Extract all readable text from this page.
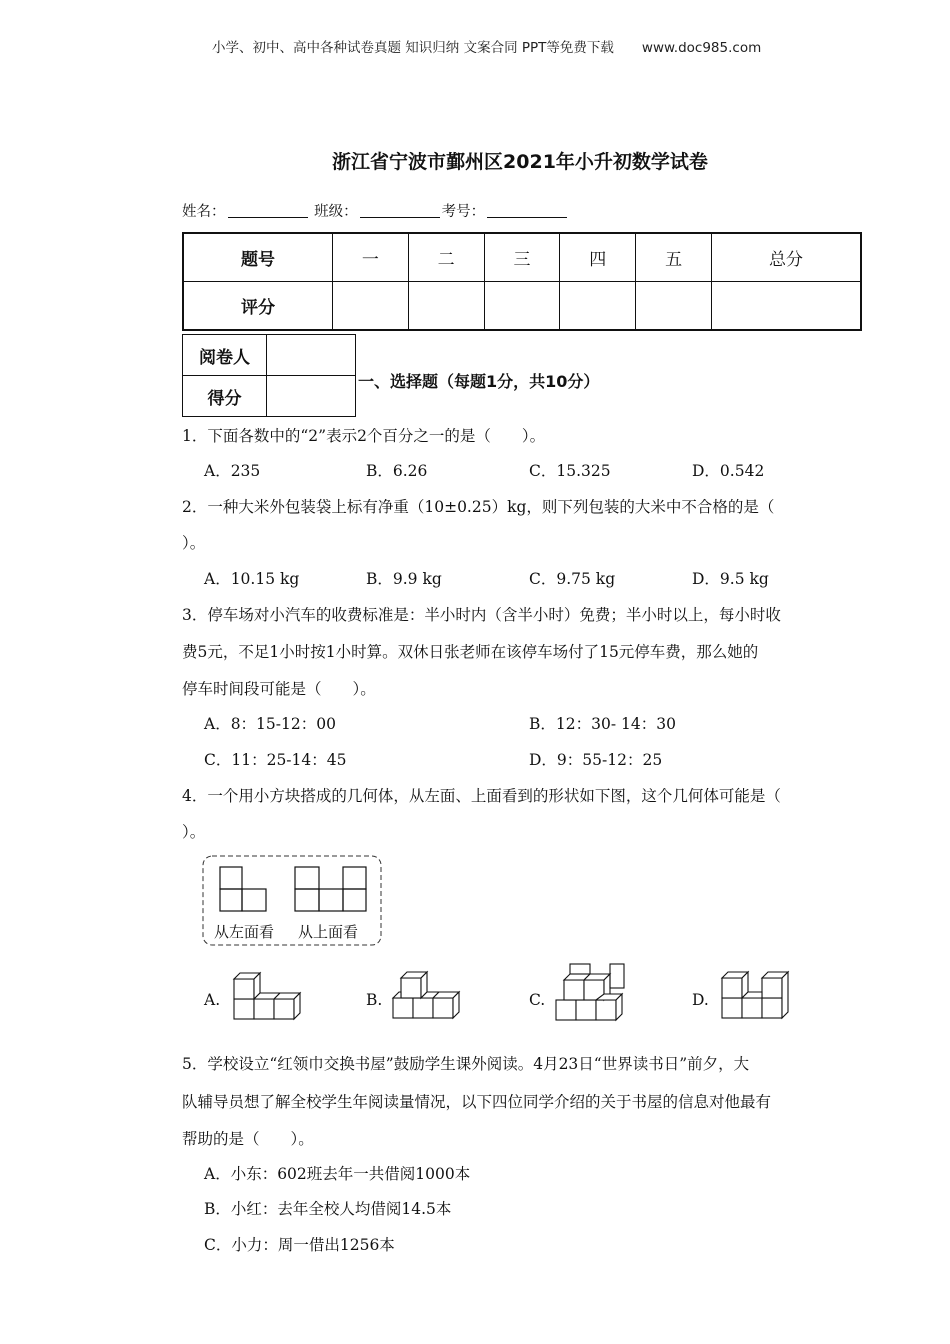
小学、初中、高中各种试卷真题 知识归纳 文案合同 PPT等免费下载 www.doc985.com
浙江省宁波市鄞州区2021年小升初数学试卷
姓名：	班级：	考号：
题号	一	二	三	四	五	总分
评分						
阅卷人	
得分	
一、选择题（每题1分，共10分）
1．下面各数中的“2”表示2个百分之一的是（　　）。
A．235	B．6.26	C．15.325	D．0.542
2．一种大米外包装袋上标有净重（10±0.25）kg，则下列包装的大米中不合格的是（
）。
A．10.15 kg	B．9.9 kg	C．9.75 kg	D．9.5 kg
3．停车场对小汽车的收费标准是：半小时内（含半小时）免费；半小时以上，每小时收
费5元，不足1小时按1小时算。双休日张老师在该停车场付了15元停车费，那么她的
停车时间段可能是（　　）。
A．8：15-12：00	B．12：30- 14：30
C．11：25-14：45	D．9：55-12：25
4．一个用小方块搭成的几何体，从左面、上面看到的形状如下图，这个几何体可能是（
）。
从左面看 从上面看
A.	B.	C.	D.
5．学校设立“红领巾交换书屋”鼓励学生课外阅读。4月23日“世界读书日”前夕，大
队辅导员想了解全校学生年阅读量情况，以下四位同学介绍的关于书屋的信息对他最有
帮助的是（　　）。
A．小东：602班去年一共借阅1000本
B．小红：去年全校人均借阅14.5本
C．小力：周一借出1256本
